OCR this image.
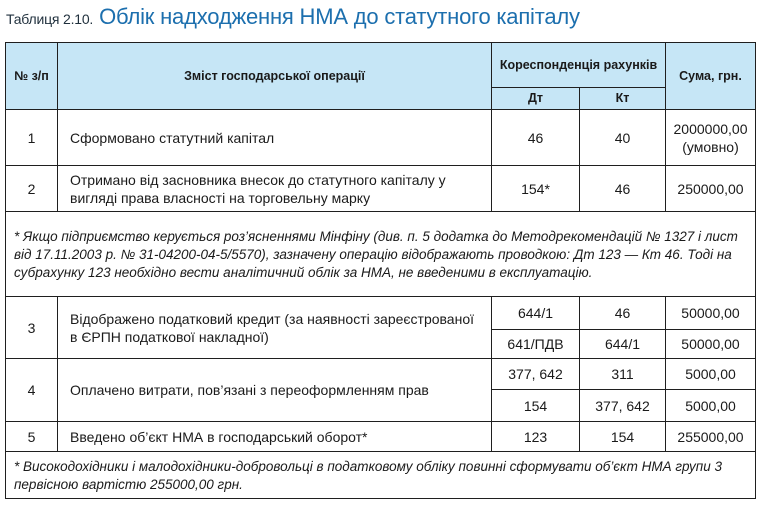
Таблиця 2.10. Облік надходження НМА до статутного капіталу
№ з/п	Зміст господарської операції	Кореспонденція рахунків		Сума, грн.
		Дт	Кт	
1	Сформовано статутний капітал	46	40	2000000,00 (умовно)
2	Отримано від засновника внесок до статутного капіталу у вигляді права власності на торговельну марку	154*	46	250000,00
* Якщо підприємство керується роз’ясненнями Мінфіну (див. п. 5 додатка до Методрекомендацій № 1327 і лист від 17.11.2003 р. № 31-04200-04-5/5570), зазначену операцію відображають проводкою: Дт 123 — Кт 46. Тоді на субрахунку 123 необхідно вести аналітичний облік за НМА, не введеними в експлуатацію.				
3	Відображено податковий кредит (за наявності зареєстрованої в ЄРПН податкової накладної)	644/1	46	50000,00
		641/ПДВ	644/1	50000,00
4	Оплачено витрати, пов’язані з переоформленням прав	377, 642	311	5000,00
		154	377, 642	5000,00
5	Введено об’єкт НМА в господарський оборот*	123	154	255000,00
* Високодохідники і малодохідники-добровольці в податковому обліку повинні сформувати об’єкт НМА групи 3 первісною вартістю 255000,00 грн.				
